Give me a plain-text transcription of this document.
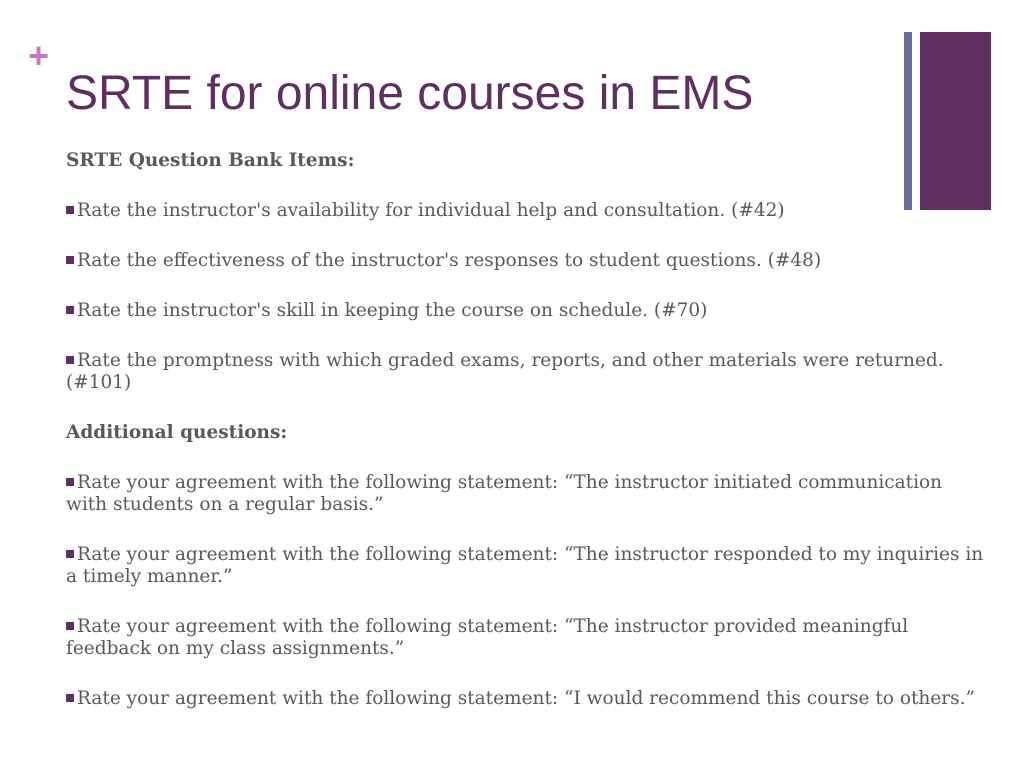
+
SRTE for online courses in EMS

SRTE Question Bank Items:

Rate the instructor's availability for individual help and consultation. (#42)

Rate the effectiveness of the instructor's responses to student questions. (#48)

Rate the instructor's skill in keeping the course on schedule. (#70)

Rate the promptness with which graded exams, reports, and other materials were returned. (#101)

Additional questions:

Rate your agreement with the following statement: “The instructor initiated communication with students on a regular basis.”

Rate your agreement with the following statement: “The instructor responded to my inquiries in a timely manner.”

Rate your agreement with the following statement: “The instructor provided meaningful feedback on my class assignments.”

Rate your agreement with the following statement: “I would recommend this course to others.”
